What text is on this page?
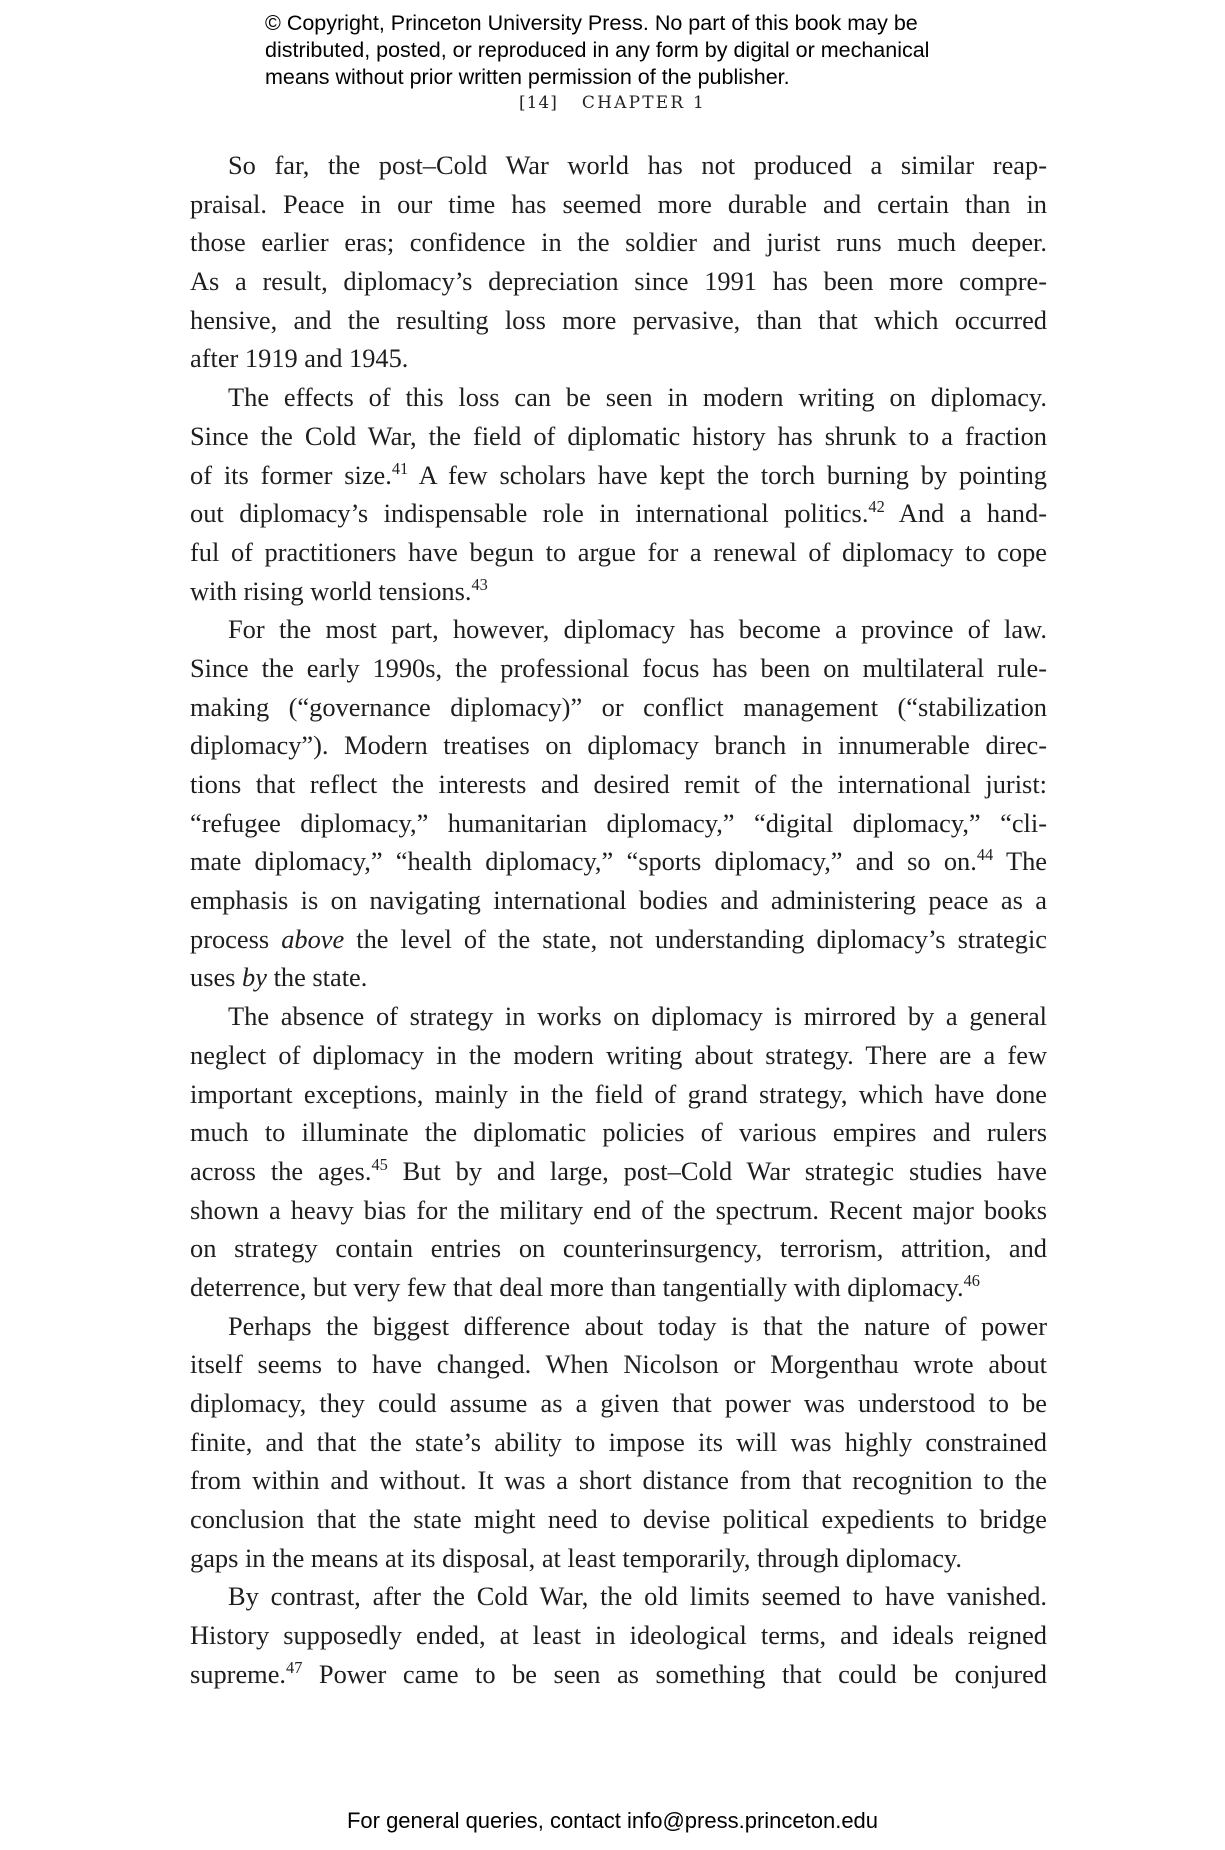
© Copyright, Princeton University Press. No part of this book may be
distributed, posted, or reproduced in any form by digital or mechanical
means without prior written permission of the publisher.
[14] CHAPTER 1
So far, the post–Cold War world has not produced a similar reap-
praisal. Peace in our time has seemed more durable and certain than in
those earlier eras; confidence in the soldier and jurist runs much deeper.
As a result, diplomacy’s depreciation since 1991 has been more compre-
hensive, and the resulting loss more pervasive, than that which occurred
after 1919 and 1945.
The effects of this loss can be seen in modern writing on diplomacy.
Since the Cold War, the field of diplomatic history has shrunk to a fraction
of its former size.$^{41}$ A few scholars have kept the torch burning by pointing
out diplomacy’s indispensable role in international politics.$^{42}$ And a hand-
ful of practitioners have begun to argue for a renewal of diplomacy to cope
with rising world tensions.$^{43}$
For the most part, however, diplomacy has become a province of law.
Since the early 1990s, the professional focus has been on multilateral rule-
making (“governance diplomacy)” or conflict management (“stabilization
diplomacy”). Modern treatises on diplomacy branch in innumerable direc-
tions that reflect the interests and desired remit of the international jurist:
“refugee diplomacy,” humanitarian diplomacy,” “digital diplomacy,” “cli-
mate diplomacy,” “health diplomacy,” “sports diplomacy,” and so on.$^{44}$ The
emphasis is on navigating international bodies and administering peace as a
process above the level of the state, not understanding diplomacy’s strategic
uses by the state.
The absence of strategy in works on diplomacy is mirrored by a general
neglect of diplomacy in the modern writing about strategy. There are a few
important exceptions, mainly in the field of grand strategy, which have done
much to illuminate the diplomatic policies of various empires and rulers
across the ages.$^{45}$ But by and large, post–Cold War strategic studies have
shown a heavy bias for the military end of the spectrum. Recent major books
on strategy contain entries on counterinsurgency, terrorism, attrition, and
deterrence, but very few that deal more than tangentially with diplomacy.$^{46}$
Perhaps the biggest difference about today is that the nature of power
itself seems to have changed. When Nicolson or Morgenthau wrote about
diplomacy, they could assume as a given that power was understood to be
finite, and that the state’s ability to impose its will was highly constrained
from within and without. It was a short distance from that recognition to the
conclusion that the state might need to devise political expedients to bridge
gaps in the means at its disposal, at least temporarily, through diplomacy.
By contrast, after the Cold War, the old limits seemed to have vanished.
History supposedly ended, at least in ideological terms, and ideals reigned
supreme.$^{47}$ Power came to be seen as something that could be conjured
For general queries, contact info@press.princeton.edu
